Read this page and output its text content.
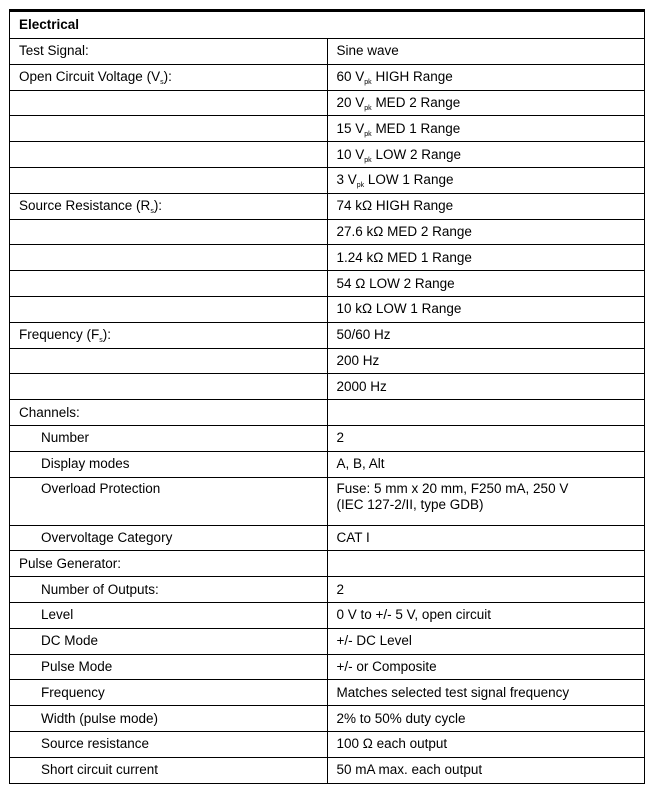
Electrical	
Test Signal:	Sine wave
Open Circuit Voltage $(V_s)$:	60 $V_{pk}$ HIGH Range
	20 $V_{pk}$ MED 2 Range
	15 $V_{pk}$ MED 1 Range
	10 $V_{pk}$ LOW 2 Range
	3 $V_{pk}$ LOW 1 Range
Source Resistance $(R_s)$:	74 kΩ HIGH Range
	27.6 kΩ MED 2 Range
	1.24 kΩ MED 1 Range
	54 Ω LOW 2 Range
	10 kΩ LOW 1 Range
Frequency $(F_s)$:	50/60 Hz
	200 Hz
	2000 Hz
Channels:	
Number	2
Display modes	A, B, Alt
Overload Protection	Fuse: 5 mm x 20 mm, F250 mA, 250 V
(IEC 127-2/II, type GDB)

Overvoltage Category	CAT I
Pulse Generator:	
Number of Outputs:	2
Level	0 V to +/- 5 V, open circuit
DC Mode	+/- DC Level
Pulse Mode	+/- or Composite
Frequency	Matches selected test signal frequency
Width (pulse mode)	2% to 50% duty cycle
Source resistance	100 Ω each output
Short circuit current	50 mA max. each output
